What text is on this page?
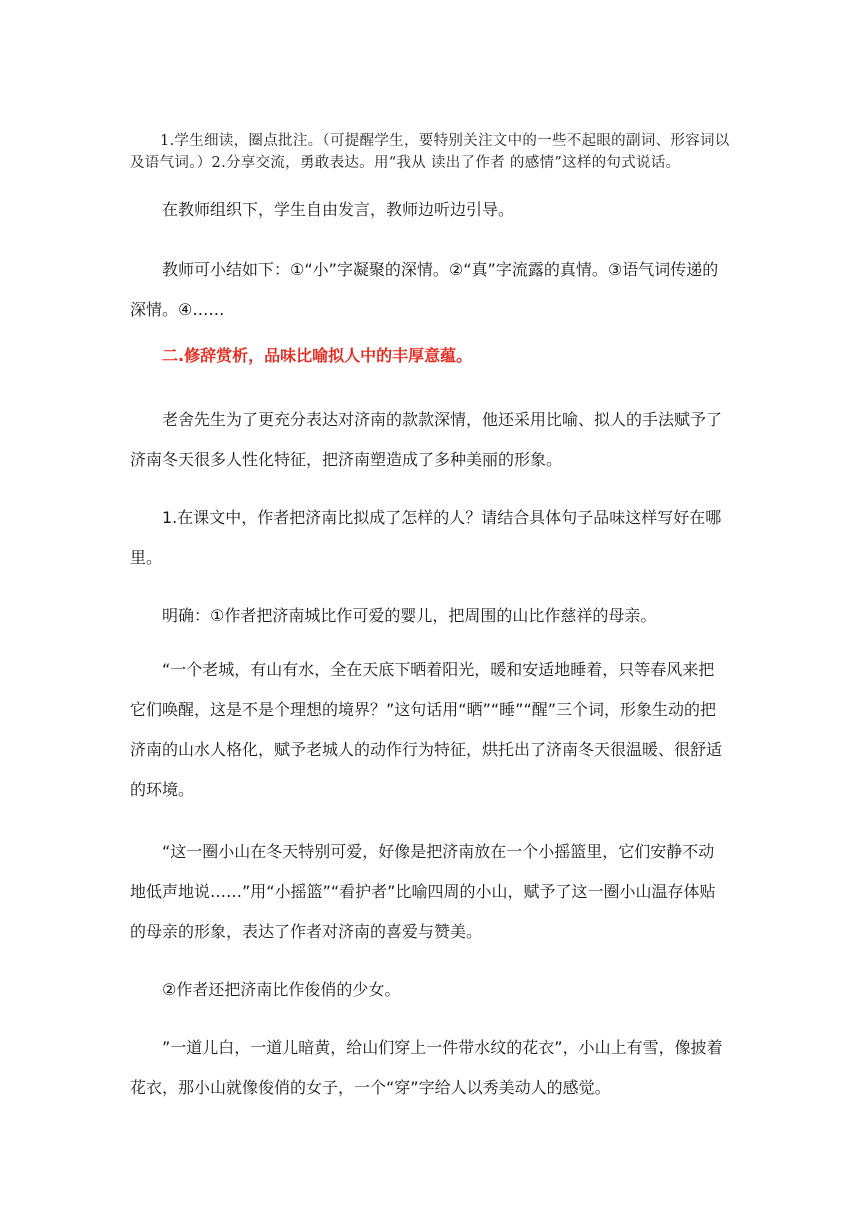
1.学生细读，圈点批注。（可提醒学生，要特别关注文中的一些不起眼的副词、形容词以及语气词。）2.分享交流，勇敢表达。用“我从 读出了作者 的感情”这样的句式说话。

在教师组织下，学生自由发言，教师边听边引导。

教师可小结如下：①“小”字凝聚的深情。②“真”字流露的真情。③语气词传递的深情。④……

二.修辞赏析，品味比喻拟人中的丰厚意蕴。

老舍先生为了更充分表达对济南的款款深情，他还采用比喻、拟人的手法赋予了济南冬天很多人性化特征，把济南塑造成了多种美丽的形象。

1.在课文中，作者把济南比拟成了怎样的人？请结合具体句子品味这样写好在哪里。

明确：①作者把济南城比作可爱的婴儿，把周围的山比作慈祥的母亲。

“一个老城，有山有水，全在天底下晒着阳光，暖和安适地睡着，只等春风来把它们唤醒，这是不是个理想的境界？”这句话用“晒”“睡”“醒”三个词，形象生动的把济南的山水人格化，赋予老城人的动作行为特征，烘托出了济南冬天很温暖、很舒适的环境。

“这一圈小山在冬天特别可爱，好像是把济南放在一个小摇篮里，它们安静不动地低声地说……”用“小摇篮”“看护者”比喻四周的小山，赋予了这一圈小山温存体贴的母亲的形象，表达了作者对济南的喜爱与赞美。

②作者还把济南比作俊俏的少女。

”一道儿白，一道儿暗黄，给山们穿上一件带水纹的花衣”，小山上有雪，像披着花衣，那小山就像俊俏的女子，一个“穿”字给人以秀美动人的感觉。
